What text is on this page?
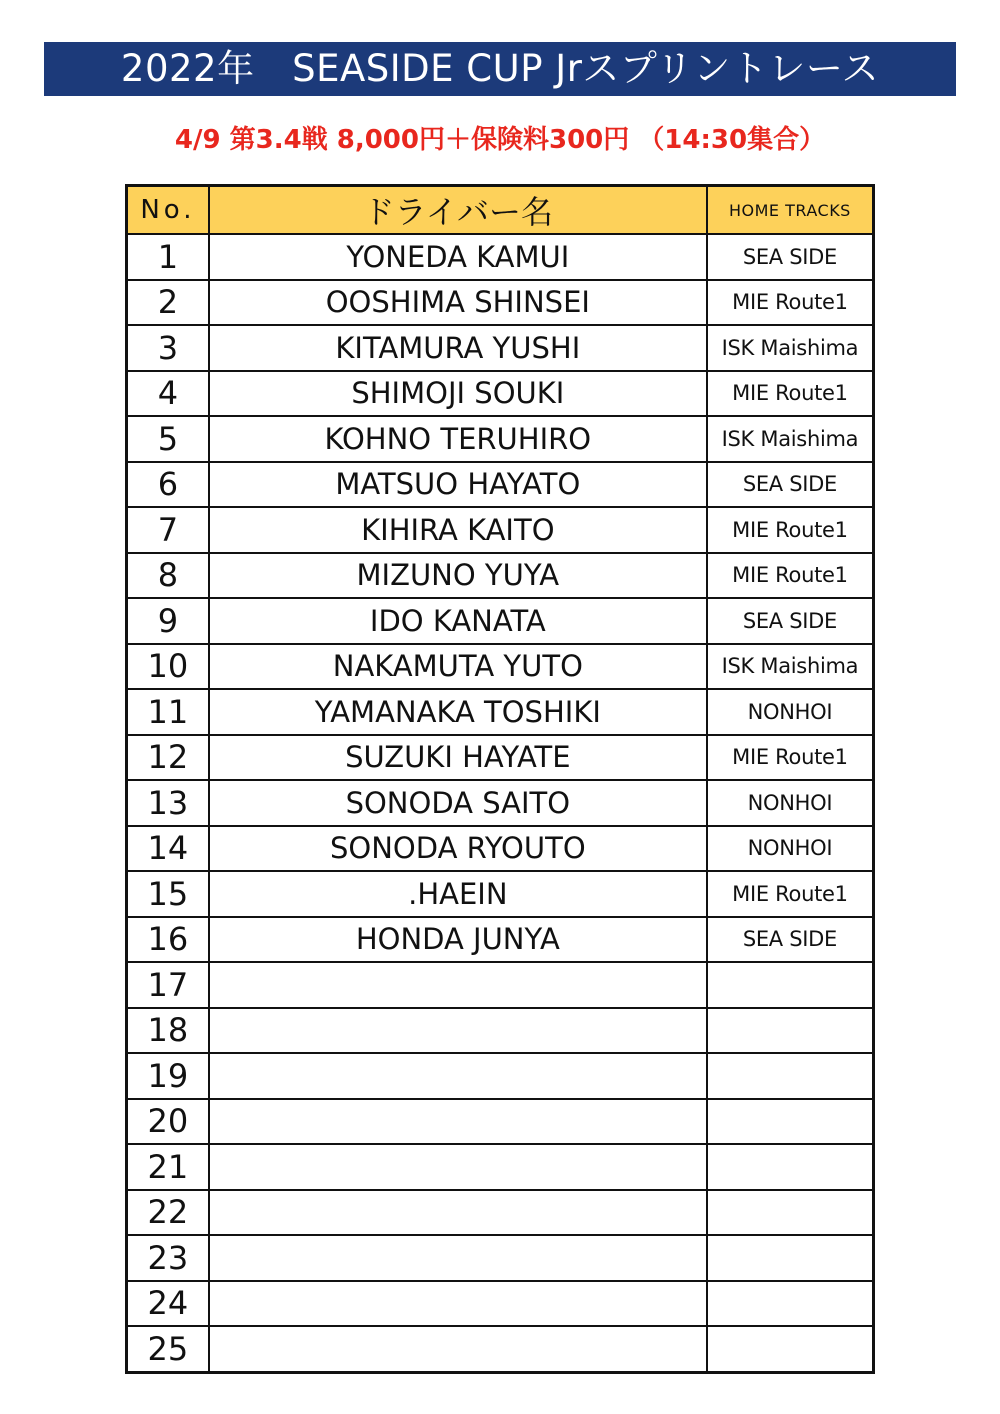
2022年　SEASIDE CUP Jrスプリントレース
4/9 第3.4戦 8,000円＋保険料300円 （14:30集合）
No.	ドライバー名	HOME TRACKS
1	YONEDA KAMUI	SEA SIDE
2	OOSHIMA SHINSEI	MIE Route1
3	KITAMURA YUSHI	ISK Maishima
4	SHIMOJI SOUKI	MIE Route1
5	KOHNO TERUHIRO	ISK Maishima
6	MATSUO HAYATO	SEA SIDE
7	KIHIRA KAITO	MIE Route1
8	MIZUNO YUYA	MIE Route1
9	IDO KANATA	SEA SIDE
10	NAKAMUTA YUTO	ISK Maishima
11	YAMANAKA TOSHIKI	NONHOI
12	SUZUKI HAYATE	MIE Route1
13	SONODA SAITO	NONHOI
14	SONODA RYOUTO	NONHOI
15	.HAEIN	MIE Route1
16	HONDA JUNYA	SEA SIDE
17		
18		
19		
20		
21		
22		
23		
24		
25		
